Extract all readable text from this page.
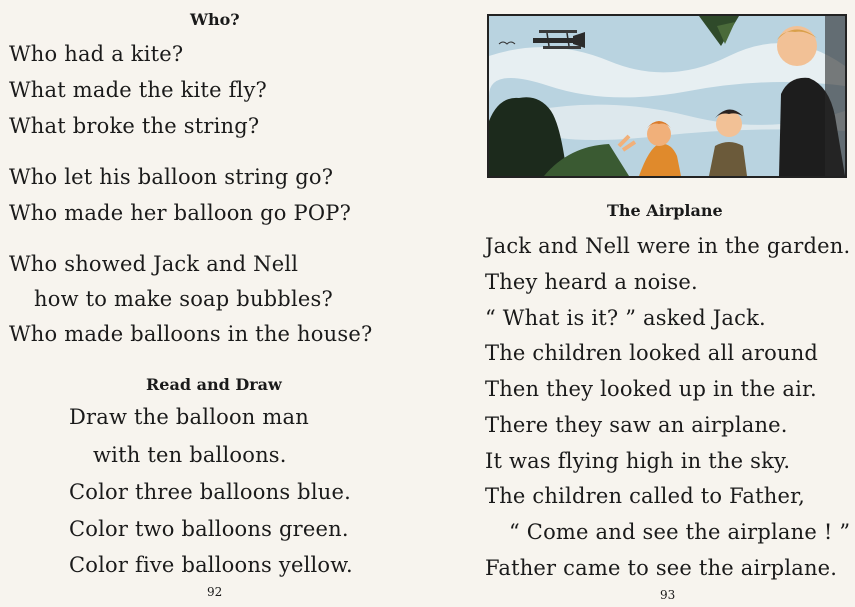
Who?
Who had a kite?
What made the kite fly?
What broke the string?
Who let his balloon string go?
Who made her balloon go POP?
Who showed Jack and Nell
how to make soap bubbles?
Who made balloons in the house?
Read and Draw
Draw the balloon man
with ten balloons.
Color three balloons blue.
Color two balloons green.
Color five balloons yellow.
92
The Airplane
Jack and Nell were in the garden.
They heard a noise.
“ What is it? ” asked Jack.
The children looked all around
Then they looked up in the air.
There they saw an airplane.
It was flying high in the sky.
The children called to Father,
“ Come and see the airplane ! ”
Father came to see the airplane.
93
